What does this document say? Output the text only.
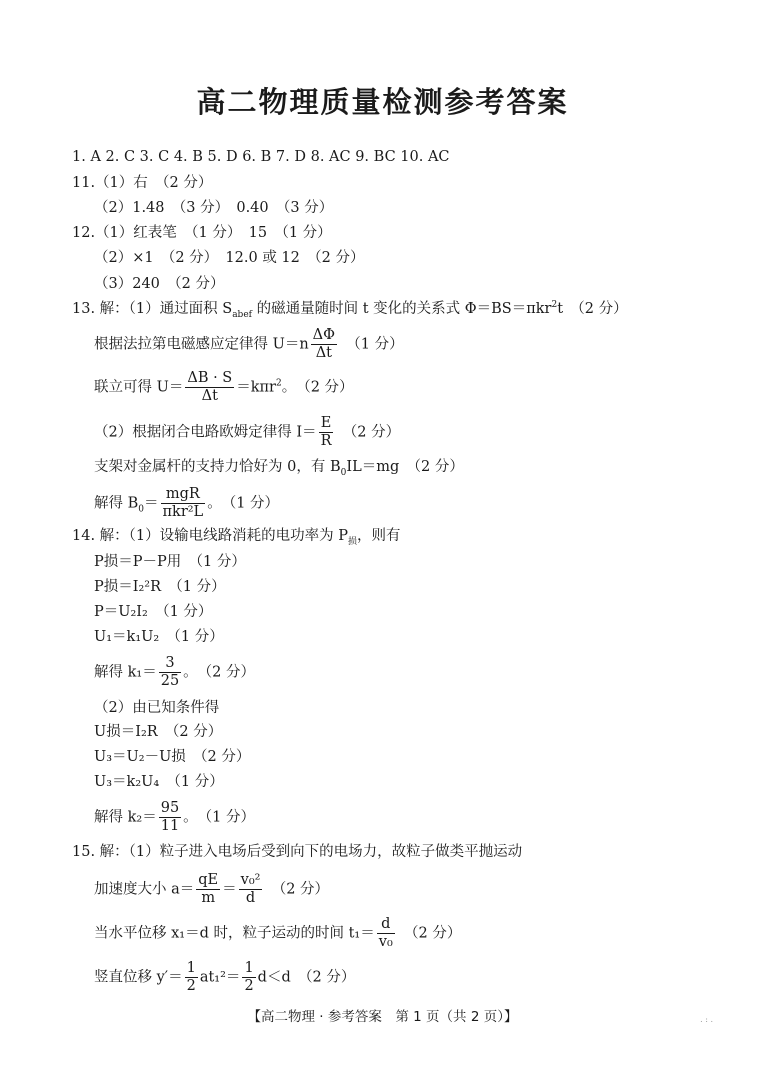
高二物理质量检测参考答案
1. A 2. C 3. C 4. B 5. D 6. B 7. D 8. AC 9. BC 10. AC
11.（1）右　（2 分）
（2）1.48　（3 分）　0.40　（3 分）
12.（1）红表笔　（1 分）　15　（1 分）
（2）×1　（2 分）　12.0 或 12　（2 分）
（3）240　（2 分）
13. 解：（1）通过面积 $S_{abef}$ 的磁通量随时间 t 变化的关系式 Φ＝BS＝πkr$^2$t　（2 分）
根据法拉第电磁感应定律得 $U=n \frac{\Delta\Phi}{\Delta t}$
　 （1 分）
联立可得 $U= \frac{\Delta B \cdot S}{\Delta t} =k\pi r^2$。　（2 分）
（2）根据闭合电路欧姆定律得 $I= \frac{E}{R}$
　 （2 分）
支架对金属杆的支持力恰好为 0，有 $B_0IL=mg$　（2 分）
解得 $B_0= \frac{\text{mgR}}{\text{πkr²L}}$ 。　（1 分）
14. 解：（1）设输电线路消耗的电功率为 $P_损$，则有
P损＝P－P用　（1 分）
P损＝I₂²R　（1 分）
P＝U₂I₂　（1 分）
U₁＝k₁U₂　（1 分）
解得 $k_1= \frac{3}{25}$ 。　（2 分）
（2）由已知条件得
U损＝I₂R　（2 分）
U₃＝U₂－U损　（2 分）
U₃＝k₂U₄　（1 分）
解得 $k_2= \frac{95}{11}$ 。　（1 分）
15. 解：（1）粒子进入电场后受到向下的电场力，故粒子做类平抛运动
加速度大小 $a= \frac{qE}{m} = \frac{\text{v₀²}}{d}$
　 （2 分）
当水平位移 x₁＝d 时，粒子运动的时间 $t_1= \frac{d}{\text{v₀}}$
　 （2 分）
竖直位移 $y'= \frac{1}{2} at_1^2= \frac{1}{2} d<d$　（2 分）
【高二物理 · 参考答案　第 1 页（共 2 页）】	. : .
